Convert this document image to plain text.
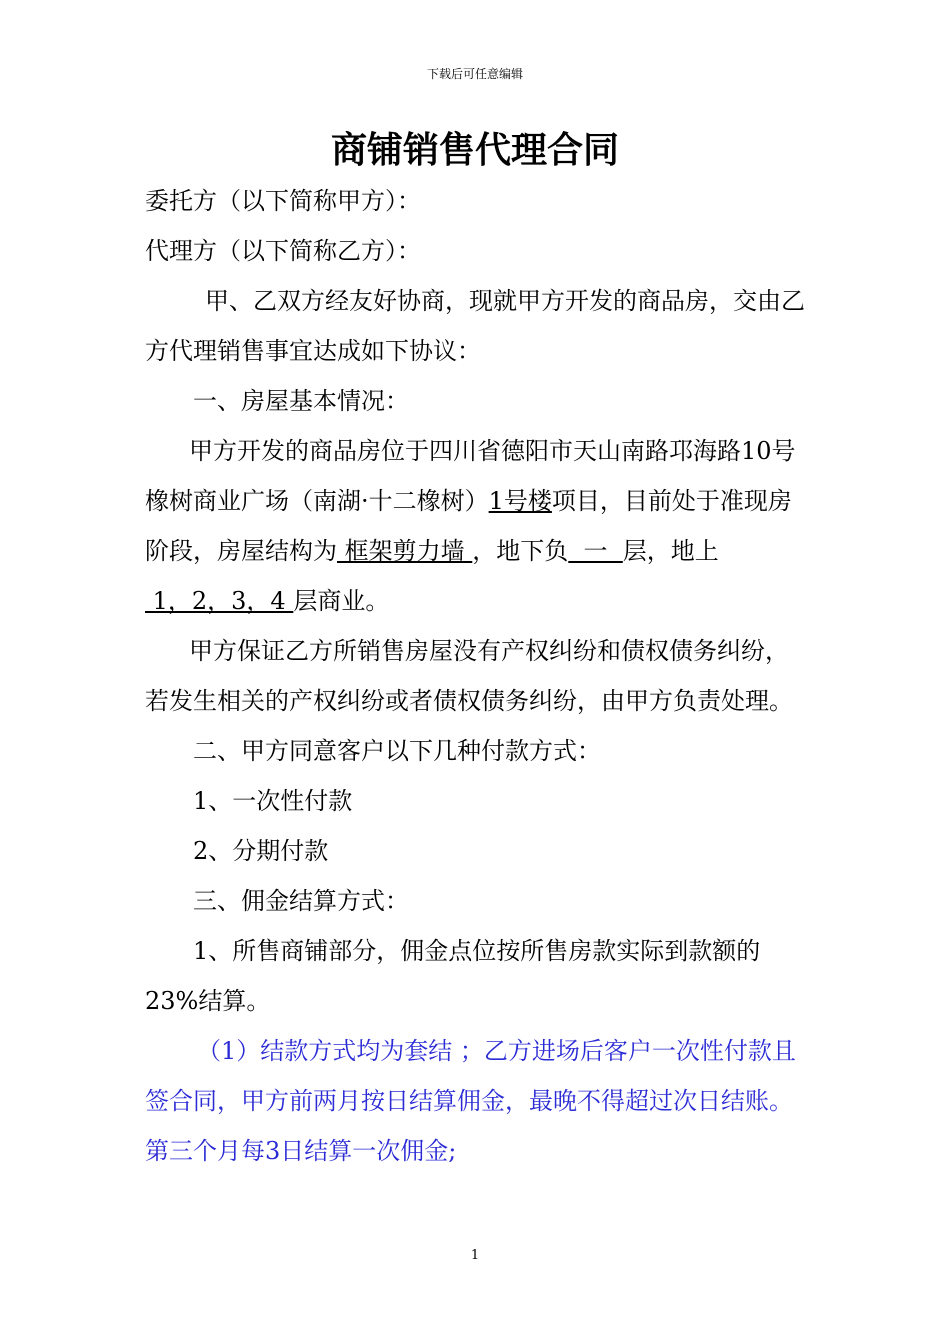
下载后可任意编辑
商铺销售代理合同

委托方（以下简称甲方）：

代理方（以下简称乙方）：

甲、乙双方经友好协商，现就甲方开发的商品房，交由乙方代理销售事宜达成如下协议：

一、房屋基本情况：

甲方开发的商品房位于四川省德阳市天山南路邛海路10号橡树商业广场（南湖·十二橡树）1号楼项目，目前处于准现房阶段，房屋结构为 框架剪力墙 ，地下负  一  层，地上 1，2，3，4 层商业。

甲方保证乙方所销售房屋没有产权纠纷和债权债务纠纷，若发生相关的产权纠纷或者债权债务纠纷，由甲方负责处理。

二、甲方同意客户以下几种付款方式：

1、一次性付款

2、分期付款

三、佣金结算方式：

1、所售商铺部分，佣金点位按所售房款实际到款额的23%结算。

（1）结款方式均为套结 ；乙方进场后客户一次性付款且签合同，甲方前两月按日结算佣金，最晚不得超过次日结账。第三个月每3日结算一次佣金;

1
